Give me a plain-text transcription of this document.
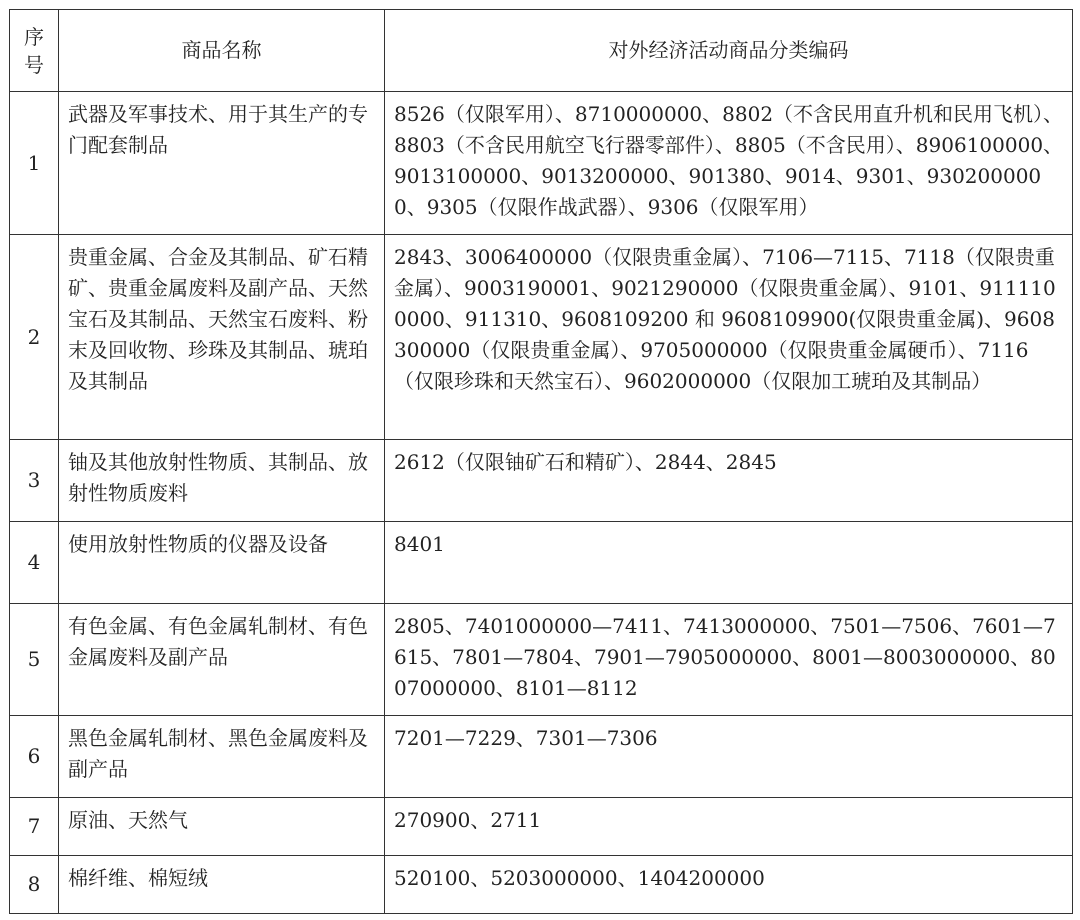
序
号	商品名称	对外经济活动商品分类编码
1	武器及军事技术、用于其生产的专门配套制品	8526（仅限军用）、8710000000、8802（不含民用直升机和民用飞机）、8803（不含民用航空飞行器零部件）、8805（不含民用）、8906100000、9013100000、9013200000、901380、9014、9301、9302000000、9305（仅限作战武器）、9306（仅限军用）
2	贵重金属、合金及其制品、矿石精矿、贵重金属废料及副产品、天然宝石及其制品、天然宝石废料、粉末及回收物、珍珠及其制品、琥珀及其制品	2843、3006400000（仅限贵重金属）、7106—7115、7118（仅限贵重金属）、9003190001、9021290000（仅限贵重金属）、9101、9111100000、911310、9608109200 和 9608109900(仅限贵重金属)、9608300000（仅限贵重金属）、9705000000（仅限贵重金属硬币）、7116（仅限珍珠和天然宝石）、9602000000（仅限加工琥珀及其制品）
3	铀及其他放射性物质、其制品、放射性物质废料	2612（仅限铀矿石和精矿）、2844、2845
4	使用放射性物质的仪器及设备	8401
5	有色金属、有色金属轧制材、有色金属废料及副产品	2805、7401000000—7411、7413000000、7501—7506、7601—7615、7801—7804、7901—7905000000、8001—8003000000、8007000000、8101—8112
6	黑色金属轧制材、黑色金属废料及副产品	7201—7229、7301—7306
7	原油、天然气	270900、2711
8	棉纤维、棉短绒	520100、5203000000、1404200000
